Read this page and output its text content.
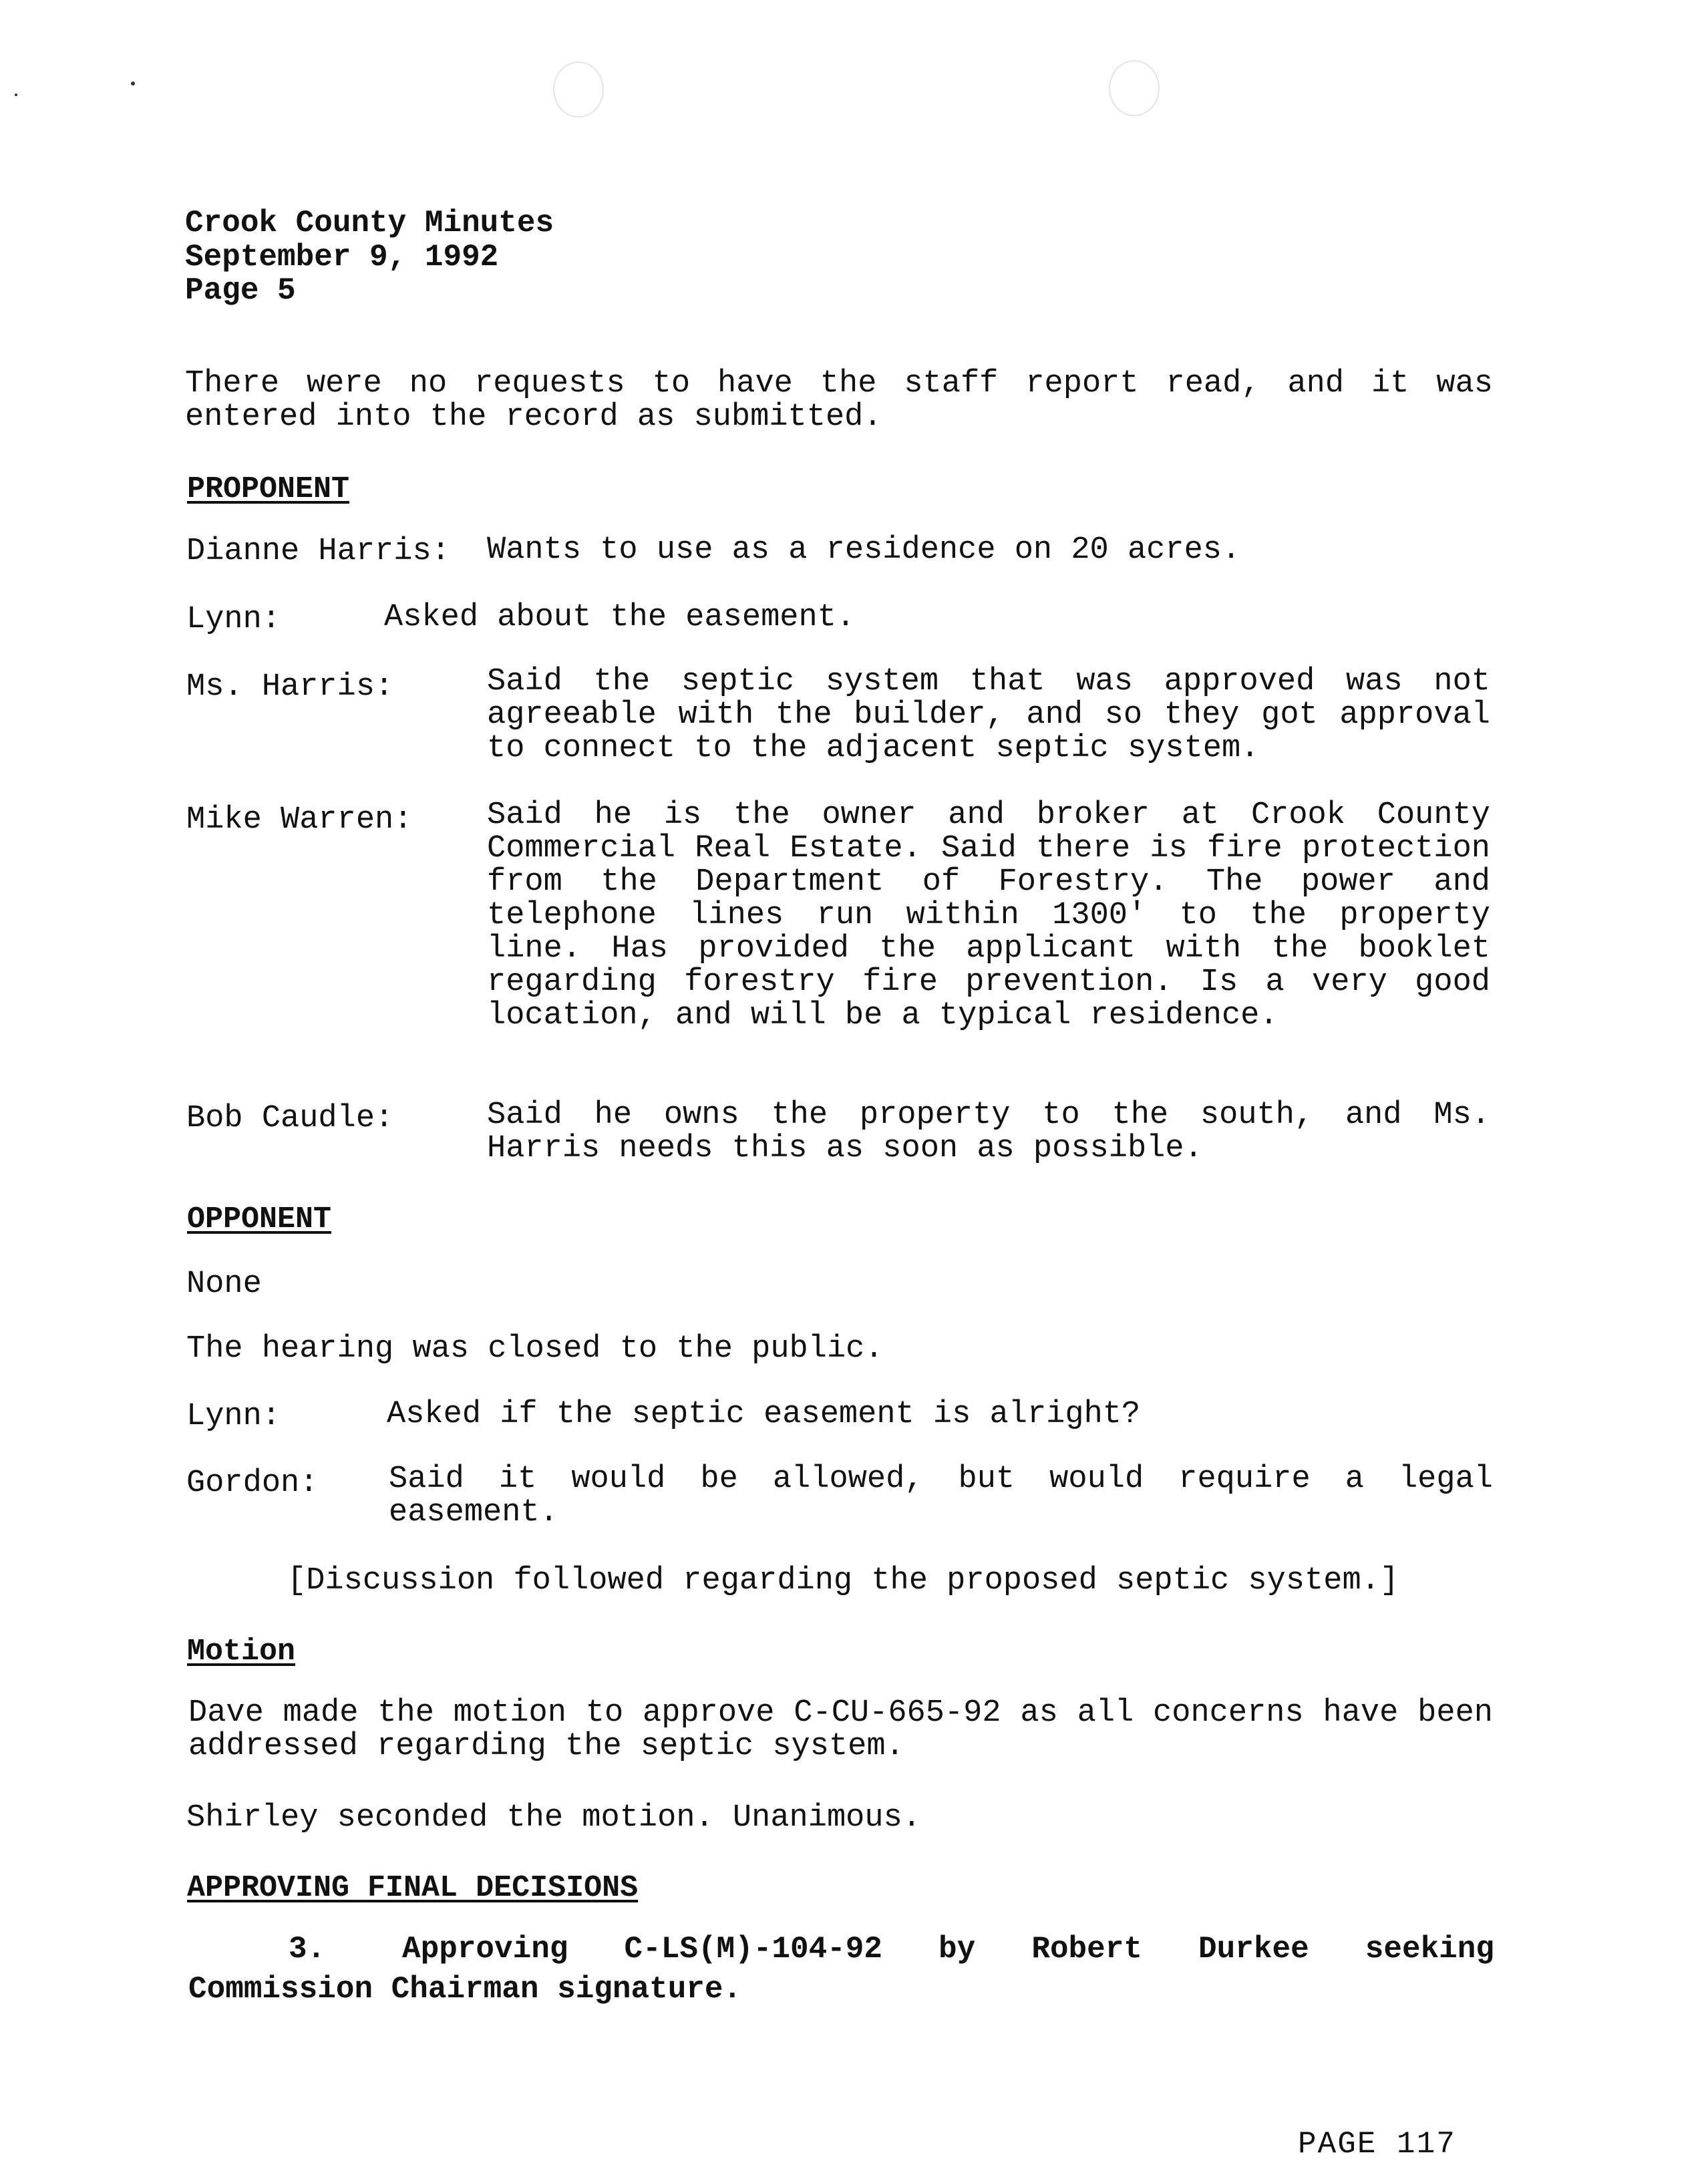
Crook County Minutes
September 9, 1992
Page 5
There were no requests to have the staff report read, and it was entered into the record as submitted.
PROPONENT
Dianne Harris: Wants to use as a residence on 20 acres.
Lynn:	Asked about the easement.
Ms. Harris:	Said the septic system that was approved was not agreeable with the builder, and so they got approval to connect to the adjacent septic system.
Mike Warren: Said he is the owner and broker at Crook County Commercial Real Estate. Said there is fire protection from the Department of Forestry. The power and telephone lines run within 1300′ to the property line. Has provided the applicant with the booklet regarding forestry fire prevention. Is a very good location, and will be a typical residence.
Bob Caudle:	Said he owns the property to the south, and Ms. Harris needs this as soon as possible.
OPPONENT
None
The hearing was closed to the public.
Lynn:	Asked if the septic easement is alright?
Gordon: Said it would be allowed, but would require a legal easement.
[Discussion followed regarding the proposed septic system.]
Motion
Dave made the motion to approve C-CU-665-92 as all concerns have been addressed regarding the septic system.
Shirley seconded the motion. Unanimous.
APPROVING FINAL DECISIONS
3. Approving C-LS(M)-104-92 by Robert Durkee seeking Commission Chairman signature.
PAGE 117
